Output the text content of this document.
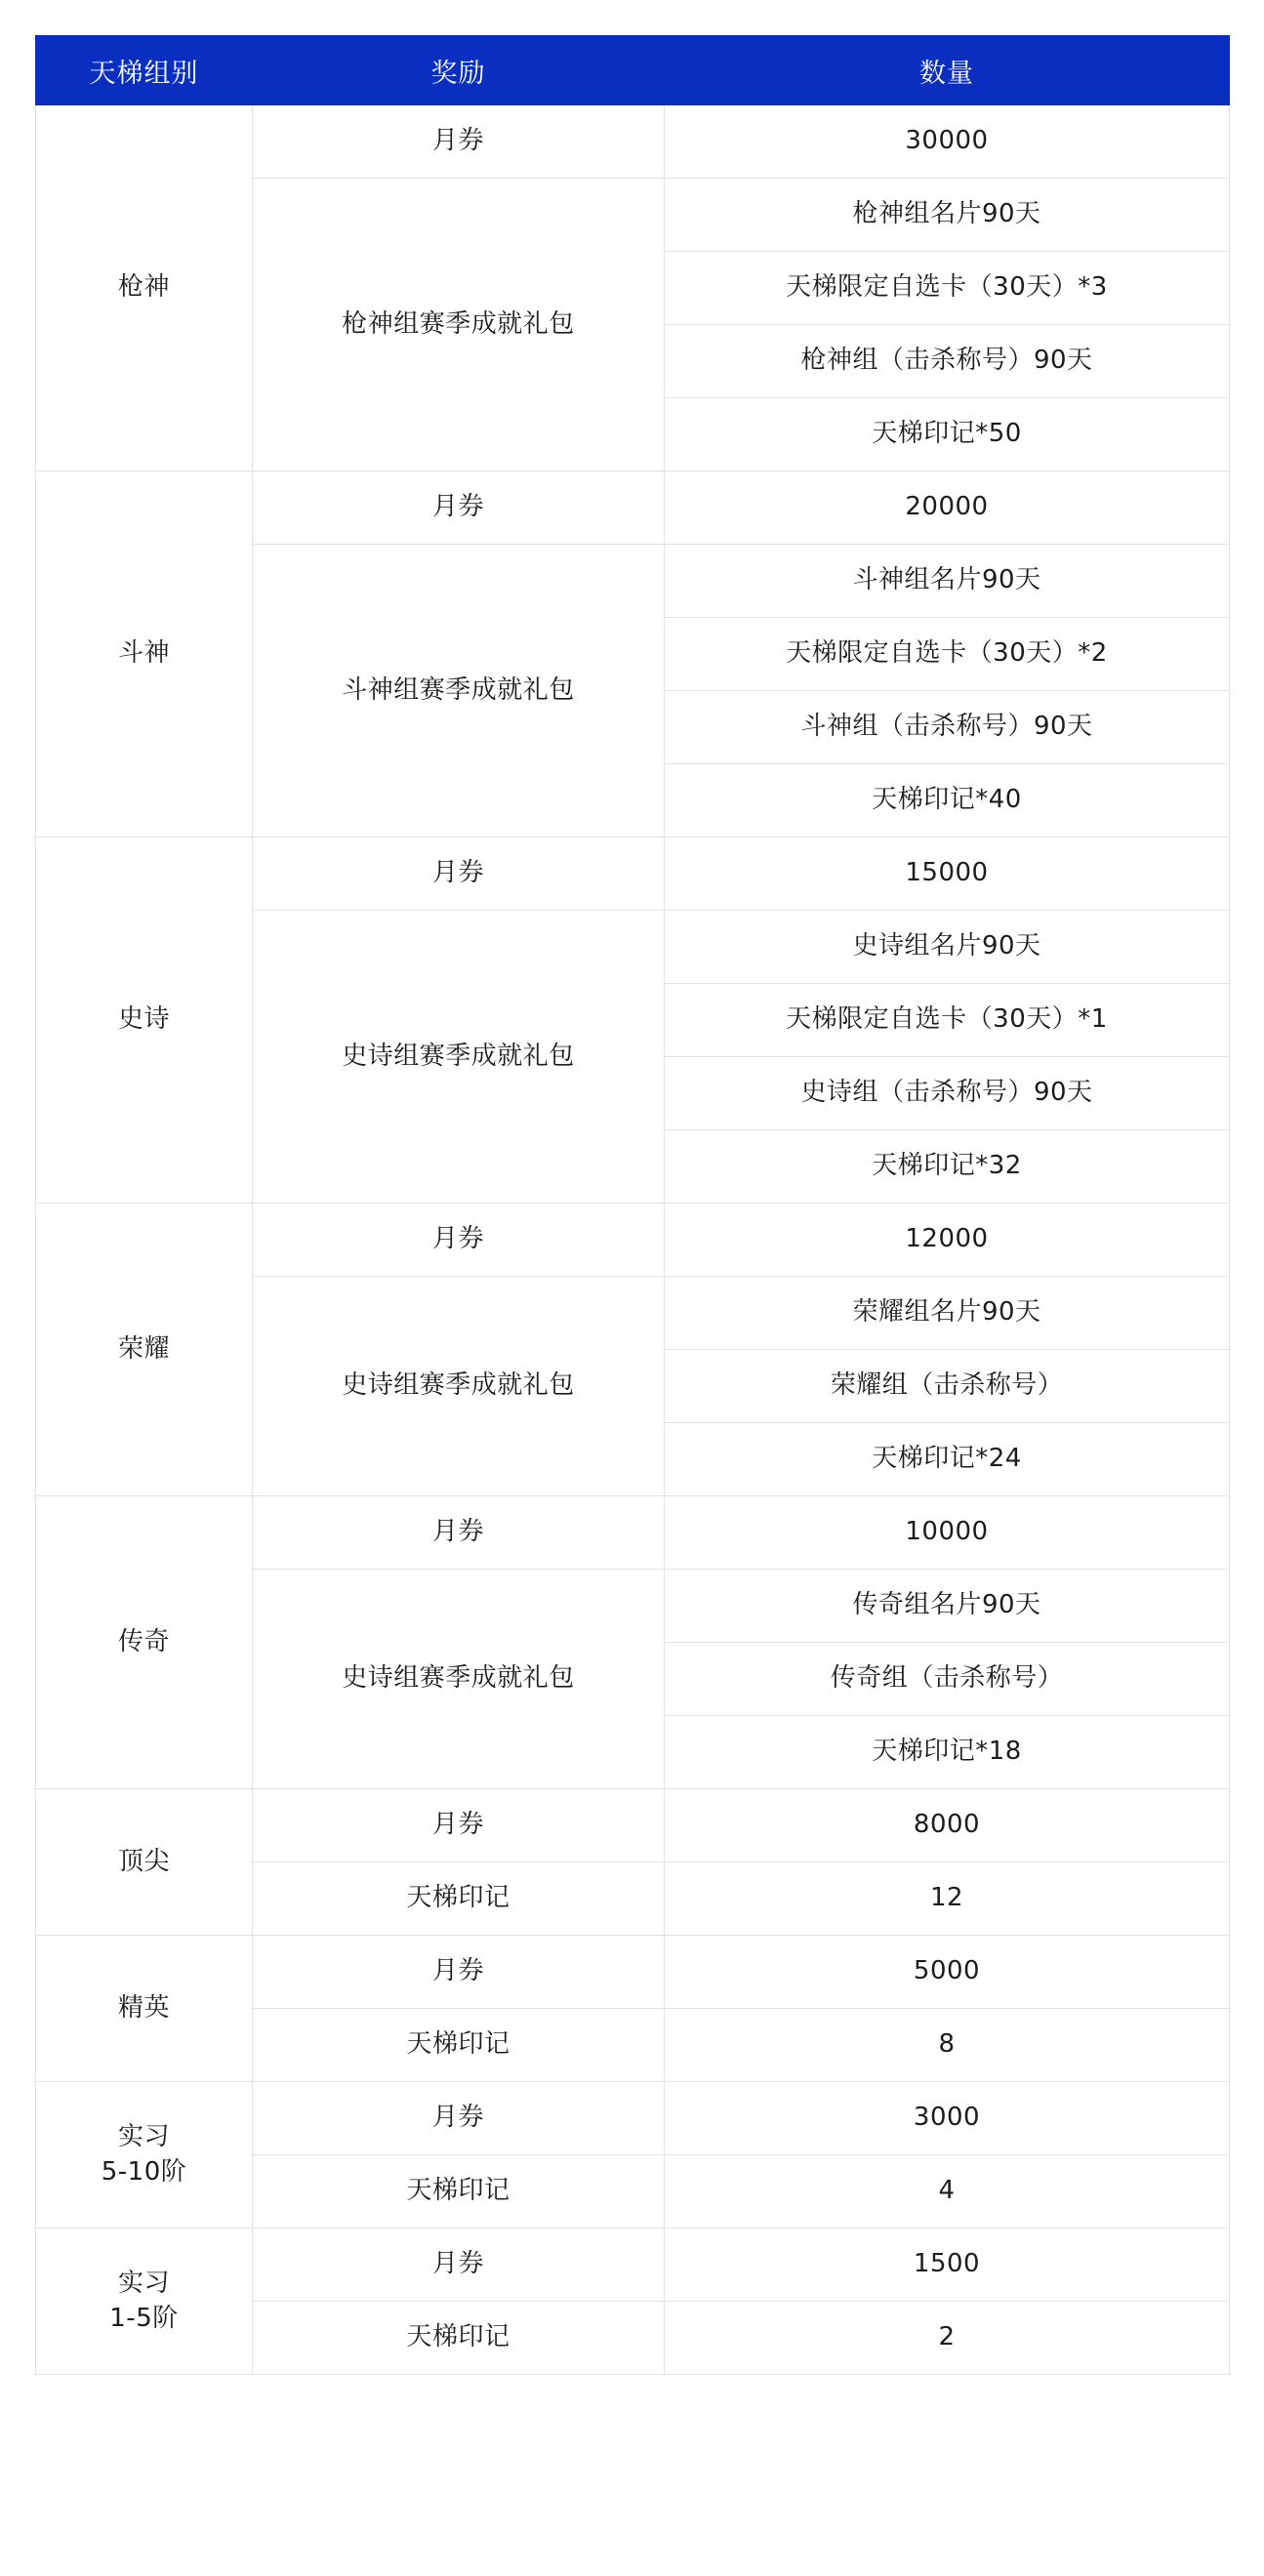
天梯组别	奖励	数量

枪神	月券	30000
	枪神组赛季成就礼包	枪神组名片90天
		天梯限定自选卡（30天）*3
		枪神组（击杀称号）90天
		天梯印记*50

斗神	月券	20000
	斗神组赛季成就礼包	斗神组名片90天
		天梯限定自选卡（30天）*2
		斗神组（击杀称号）90天
		天梯印记*40

史诗	月券	15000
	史诗组赛季成就礼包	史诗组名片90天
		天梯限定自选卡（30天）*1
		史诗组（击杀称号）90天
		天梯印记*32

荣耀	月券	12000
	史诗组赛季成就礼包	荣耀组名片90天
		荣耀组（击杀称号）
		天梯印记*24

传奇	月券	10000
	史诗组赛季成就礼包	传奇组名片90天
		传奇组（击杀称号）
		天梯印记*18

顶尖	月券	8000
	天梯印记	12

精英	月券	5000
	天梯印记	8

实习
5-10阶	月券	3000
	天梯印记	4

实习
1-5阶	月券	1500
	天梯印记	2
